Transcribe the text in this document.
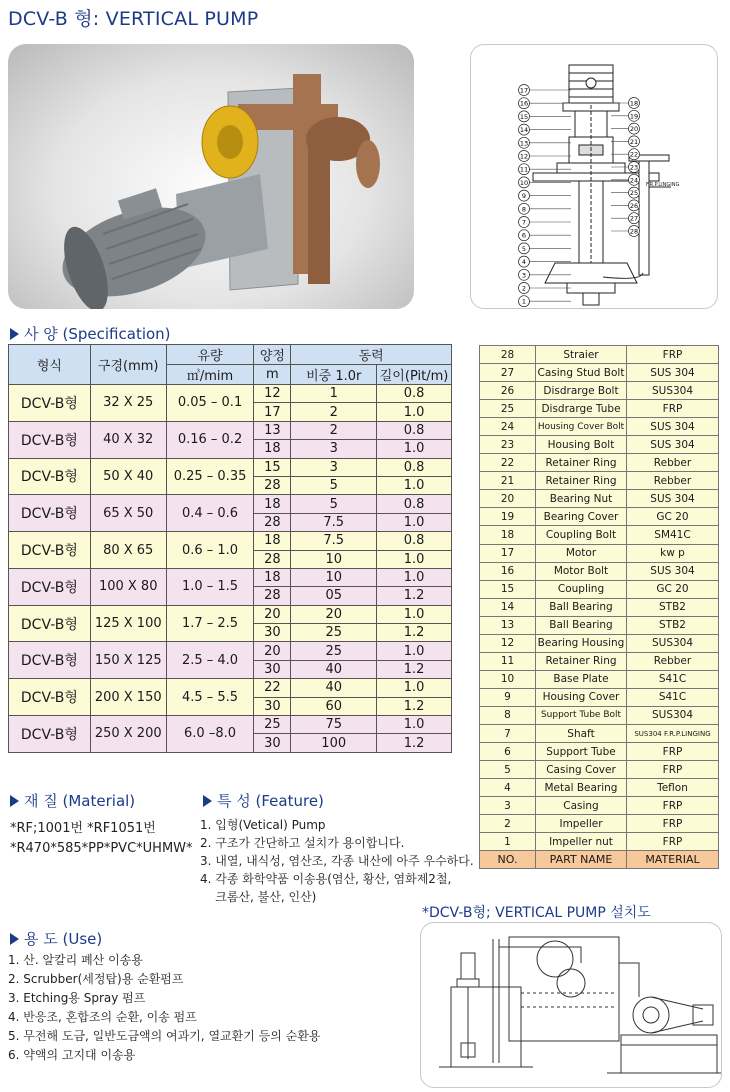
DCV-B 형: VERTICAL PUMP
F.R.P.LINGING
17
16
15
14
13
12
11
10
9
8
7
6
5
4
3
2
1
18
19
20
21
22
23
24
25
26
27
28
사 양 (Specification)
형식	구경(mm)	유량	양정	동력	
		㎥/mim	m	비중 1.0r	길이(Pit/m)
DCV-B형	32 X 25	0.05 – 0.1	12	1	0.8
			17	2	1.0
DCV-B형	40 X 32	0.16 – 0.2	13	2	0.8
			18	3	1.0
DCV-B형	50 X 40	0.25 – 0.35	15	3	0.8
			28	5	1.0
DCV-B형	65 X 50	0.4 – 0.6	18	5	0.8
			28	7.5	1.0
DCV-B형	80 X 65	0.6 – 1.0	18	7.5	0.8
			28	10	1.0
DCV-B형	100 X 80	1.0 – 1.5	18	10	1.0
			28	05	1.2
DCV-B형	125 X 100	1.7 – 2.5	20	20	1.0
			30	25	1.2
DCV-B형	150 X 125	2.5 – 4.0	20	25	1.0
			30	40	1.2
DCV-B형	200 X 150	4.5 – 5.5	22	40	1.0
			30	60	1.2
DCV-B형	250 X 200	6.0 –8.0	25	75	1.0
			30	100	1.2
28	Straier	FRP
27	Casing Stud Bolt	SUS 304
26	Disdrarge Bolt	SUS304
25	Disdrarge Tube	FRP
24	Housing Cover Bolt	SUS 304
23	Housing Bolt	SUS 304
22	Retainer Ring	Rebber
21	Retainer Ring	Rebber
20	Bearing Nut	SUS 304
19	Bearing Cover	GC 20
18	Coupling Bolt	SM41C
17	Motor	kw p
16	Motor Bolt	SUS 304
15	Coupling	GC 20
14	Ball Bearing	STB2
13	Ball Bearing	STB2
12	Bearing Housing	SUS304
11	Retainer Ring	Rebber
10	Base Plate	S41C
9	Housing Cover	S41C
8	Support Tube Bolt	SUS304
7	Shaft	SUS304 F.R.P.LINGING
6	Support Tube	FRP
5	Casing Cover	FRP
4	Metal Bearing	Teflon
3	Casing	FRP
2	Impeller	FRP
1	Impeller nut	FRP
NO.	PART NAME	MATERIAL
재 질 (Material)
*RF;1001번 *RF1051번
*R470*585*PP*PVC*UHMW*
특 성 (Feature)
1. 입형(Vetical) Pump
2. 구조가 간단하고 설치가 용이합니다.
3. 내열, 내식성, 염산조, 각종 내산에 아주 우수하다.
4. 각종 화학약품 이송용(염산, 황산, 염화제2철,
크롬산, 불산, 인산)
용 도 (Use)
1. 산. 알칼리 폐산 이송용
2. Scrubber(세정탑)용 순환펌프
3. Etching용 Spray 펌프
4. 반응조, 혼합조의 순환, 이송 펌프
5. 무전해 도금, 일반도금액의 여과기, 열교환기 등의 순환용
6. 약액의 고지대 이송용
*DCV-B형; VERTICAL PUMP 설치도
